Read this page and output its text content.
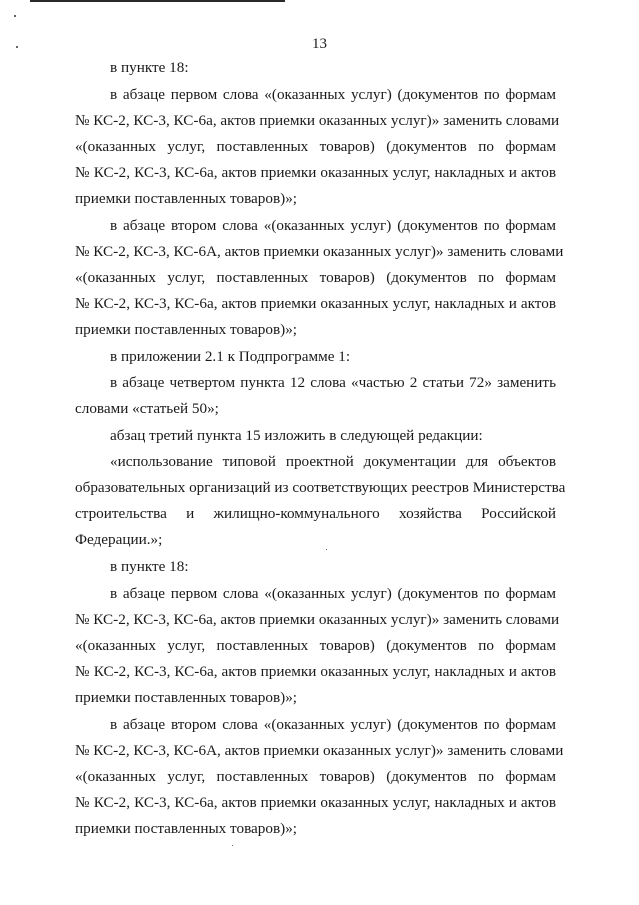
13
в пункте 18:
в абзаце первом слова «(оказанных услуг) (документов по формам
№ КС-2, КС-3, КС-6а, актов приемки оказанных услуг)» заменить словами
«(оказанных услуг, поставленных товаров) (документов по формам
№ КС-2, КС-3, КС-6а, актов приемки оказанных услуг, накладных и актов
приемки поставленных товаров)»;
в абзаце втором слова «(оказанных услуг) (документов по формам
№ КС-2, КС-3, КС-6А, актов приемки оказанных услуг)» заменить словами
«(оказанных услуг, поставленных товаров) (документов по формам
№ КС-2, КС-3, КС-6а, актов приемки оказанных услуг, накладных и актов
приемки поставленных товаров)»;
в приложении 2.1 к Подпрограмме 1:
в абзаце четвертом пункта 12 слова «частью 2 статьи 72» заменить
словами «статьей 50»;
абзац третий пункта 15 изложить в следующей редакции:
«использование типовой проектной документации для объектов
образовательных организаций из соответствующих реестров Министерства
строительства и жилищно-коммунального хозяйства Российской
Федерации.»;
в пункте 18:
в абзаце первом слова «(оказанных услуг) (документов по формам
№ КС-2, КС-3, КС-6а, актов приемки оказанных услуг)» заменить словами
«(оказанных услуг, поставленных товаров) (документов по формам
№ КС-2, КС-3, КС-6а, актов приемки оказанных услуг, накладных и актов
приемки поставленных товаров)»;
в абзаце втором слова «(оказанных услуг) (документов по формам
№ КС-2, КС-3, КС-6А, актов приемки оказанных услуг)» заменить словами
«(оказанных услуг, поставленных товаров) (документов по формам
№ КС-2, КС-3, КС-6а, актов приемки оказанных услуг, накладных и актов
приемки поставленных товаров)»;
